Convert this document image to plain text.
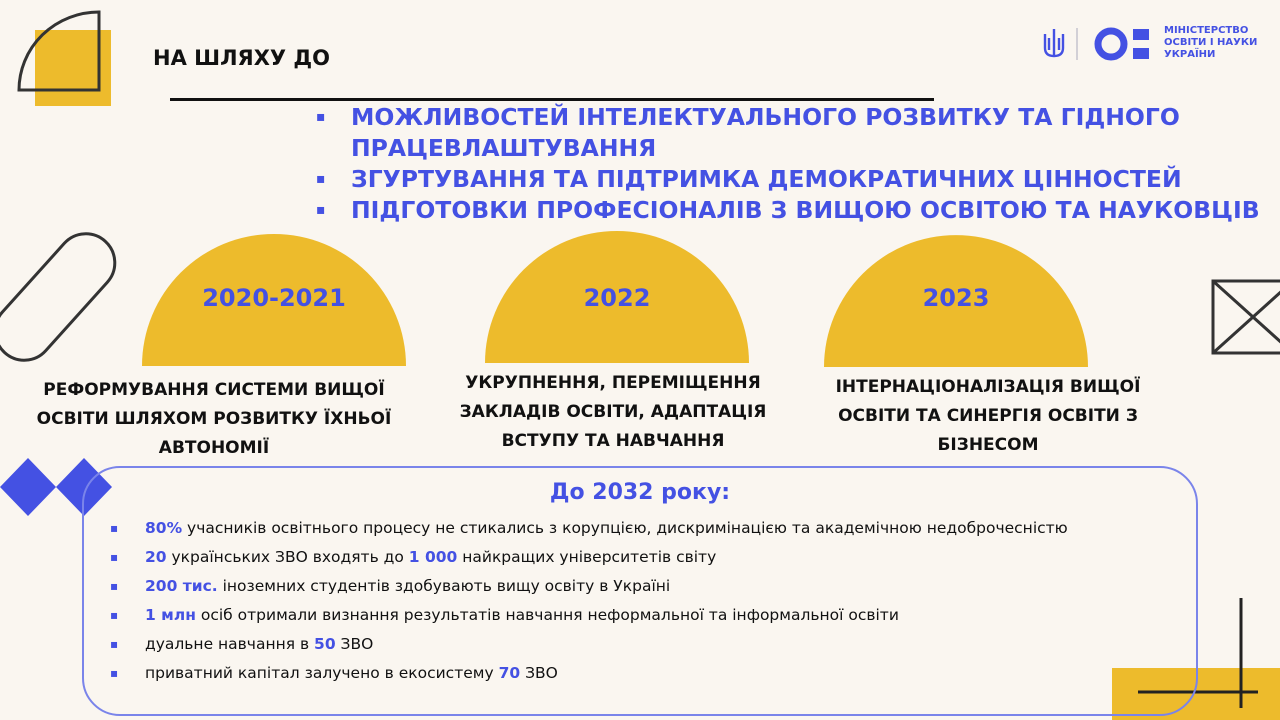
НА ШЛЯХУ ДО
МІНІСТЕРСТВО
ОСВІТИ І НАУКИ
УКРАЇНИ
▪ МОЖЛИВОСТЕЙ ІНТЕЛЕКТУАЛЬНОГО РОЗВИТКУ ТА ГІДНОГО ПРАЦЕВЛАШТУВАННЯ
▪ ЗГУРТУВАННЯ ТА ПІДТРИМКА ДЕМОКРАТИЧНИХ ЦІННОСТЕЙ
▪ ПІДГОТОВКИ ПРОФЕСІОНАЛІВ З ВИЩОЮ ОСВІТОЮ ТА НАУКОВЦІВ
2020-2021	2022	2023
РЕФОРМУВАННЯ СИСТЕМИ ВИЩОЇ ОСВІТИ ШЛЯХОМ РОЗВИТКУ ЇХНЬОЇ АВТОНОМІЇ
УКРУПНЕННЯ, ПЕРЕМІЩЕННЯ ЗАКЛАДІВ ОСВІТИ, АДАПТАЦІЯ ВСТУПУ ТА НАВЧАННЯ
ІНТЕРНАЦІОНАЛІЗАЦІЯ ВИЩОЇ ОСВІТИ ТА СИНЕРГІЯ ОСВІТИ З БІЗНЕСОМ
До 2032 року:
▪ 80% учасників освітнього процесу не стикались з корупцією, дискримінацією та академічною недоброчесністю
▪ 20 українських ЗВО входять до 1 000 найкращих університетів світу
▪ 200 тис. іноземних студентів здобувають вищу освіту в Україні
▪ 1 млн осіб отримали визнання результатів навчання неформальної та інформальної освіти
▪ дуальне навчання в 50 ЗВО
▪ приватний капітал залучено в екосистему 70 ЗВО
